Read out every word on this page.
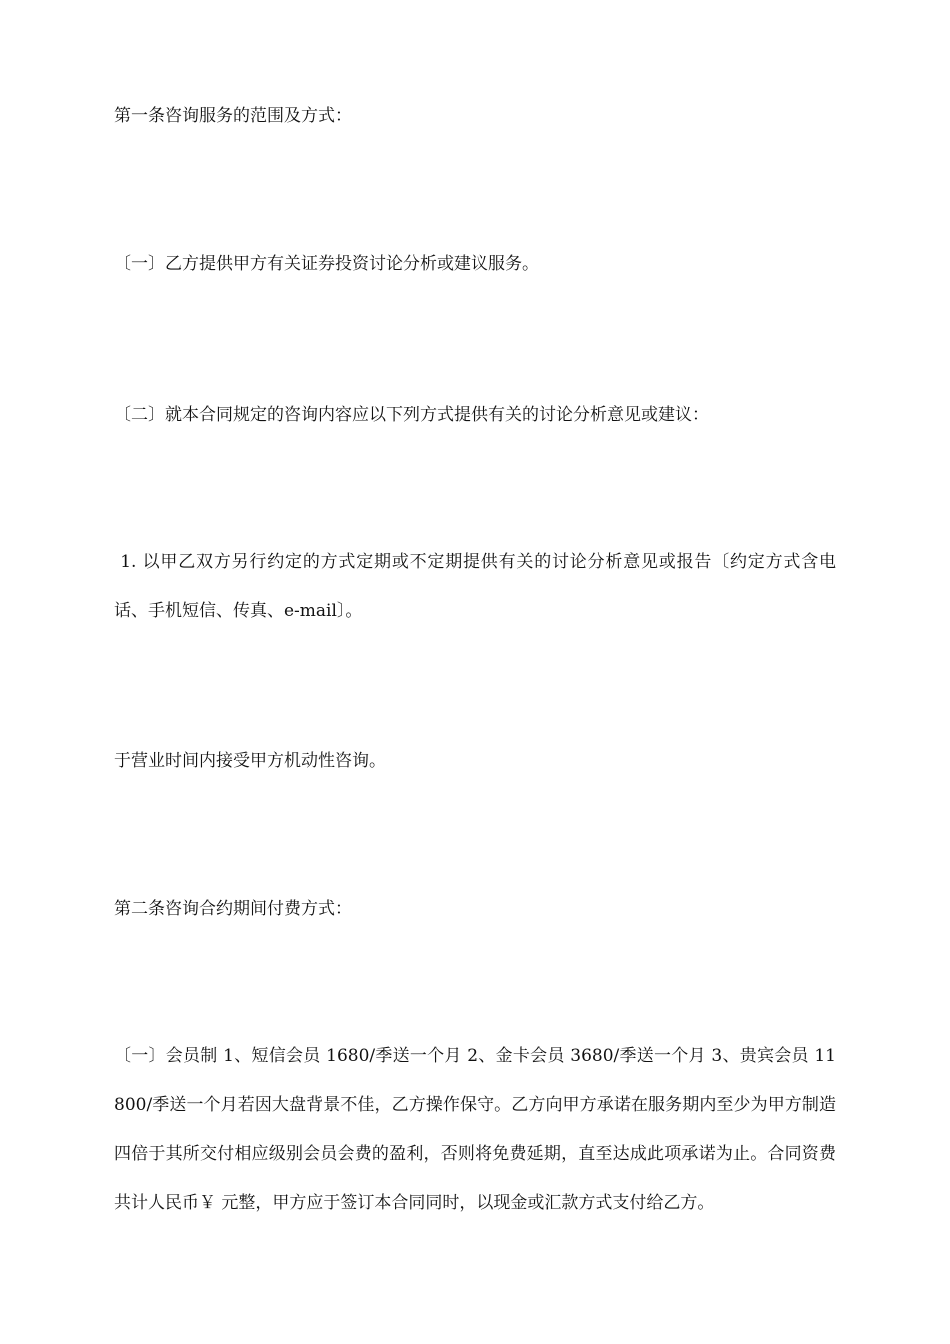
第一条咨询服务的范围及方式：

〔一〕乙方提供甲方有关证券投资讨论分析或建议服务。

〔二〕就本合同规定的咨询内容应以下列方式提供有关的讨论分析意见或建议：

1. 以甲乙双方另行约定的方式定期或不定期提供有关的讨论分析意见或报告〔约定方式含电话、手机短信、传真、e-mail〕。

于营业时间内接受甲方机动性咨询。

第二条咨询合约期间付费方式：

〔一〕会员制 1、短信会员 1680/季送一个月 2、金卡会员 3680/季送一个月 3、贵宾会员 11800/季送一个月若因大盘背景不佳，乙方操作保守。乙方向甲方承诺在服务期内至少为甲方制造四倍于其所交付相应级别会员会费的盈利，否则将免费延期，直至达成此项承诺为止。合同资费共计人民币￥ 元整，甲方应于签订本合同同时，以现金或汇款方式支付给乙方。
